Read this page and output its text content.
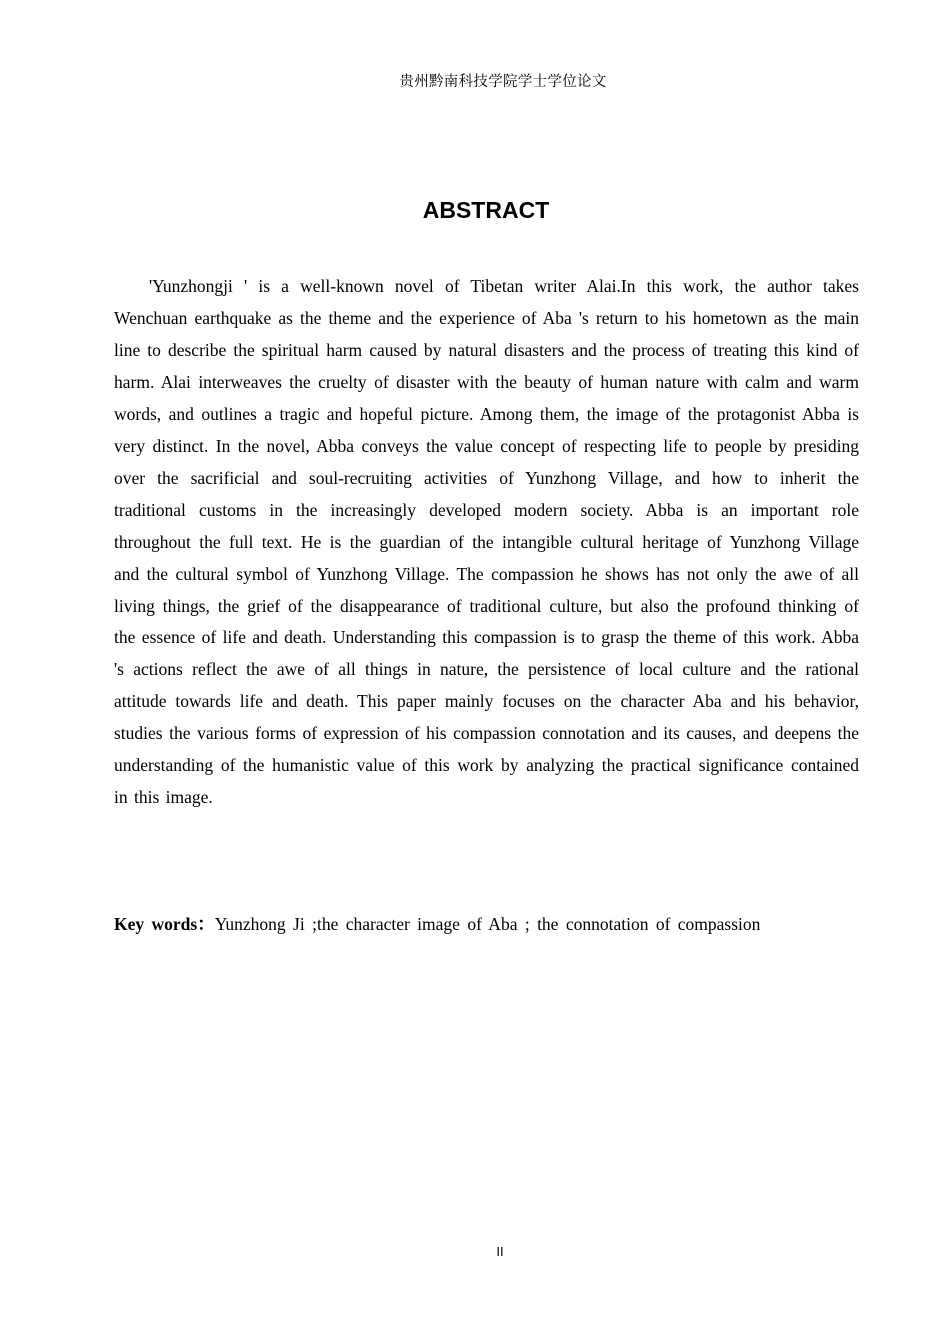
贵州黔南科技学院学士学位论文
ABSTRACT

'Yunzhongji ' is a well-known novel of Tibetan writer Alai.In this work, the author takes Wenchuan earthquake as the theme and the experience of Aba 's return to his hometown as the main line to describe the spiritual harm caused by natural disasters and the process of treating this kind of harm. Alai interweaves the cruelty of disaster with the beauty of human nature with calm and warm words, and outlines a tragic and hopeful picture. Among them, the image of the protagonist Abba is very distinct. In the novel, Abba conveys the value concept of respecting life to people by presiding over the sacrificial and soul-recruiting activities of Yunzhong Village, and how to inherit the traditional customs in the increasingly developed modern society. Abba is an important role throughout the full text. He is the guardian of the intangible cultural heritage of Yunzhong Village and the cultural symbol of Yunzhong Village. The compassion he shows has not only the awe of all living things, the grief of the disappearance of traditional culture, but also the profound thinking of the essence of life and death. Understanding this compassion is to grasp the theme of this work. Abba 's actions reflect the awe of all things in nature, the persistence of local culture and the rational attitude towards life and death. This paper mainly focuses on the character Aba and his behavior, studies the various forms of expression of his compassion connotation and its causes, and deepens the understanding of the humanistic value of this work by analyzing the practical significance contained in this image.

Key words：Yunzhong Ji ;the character image of Aba ; the connotation of compassion

II
